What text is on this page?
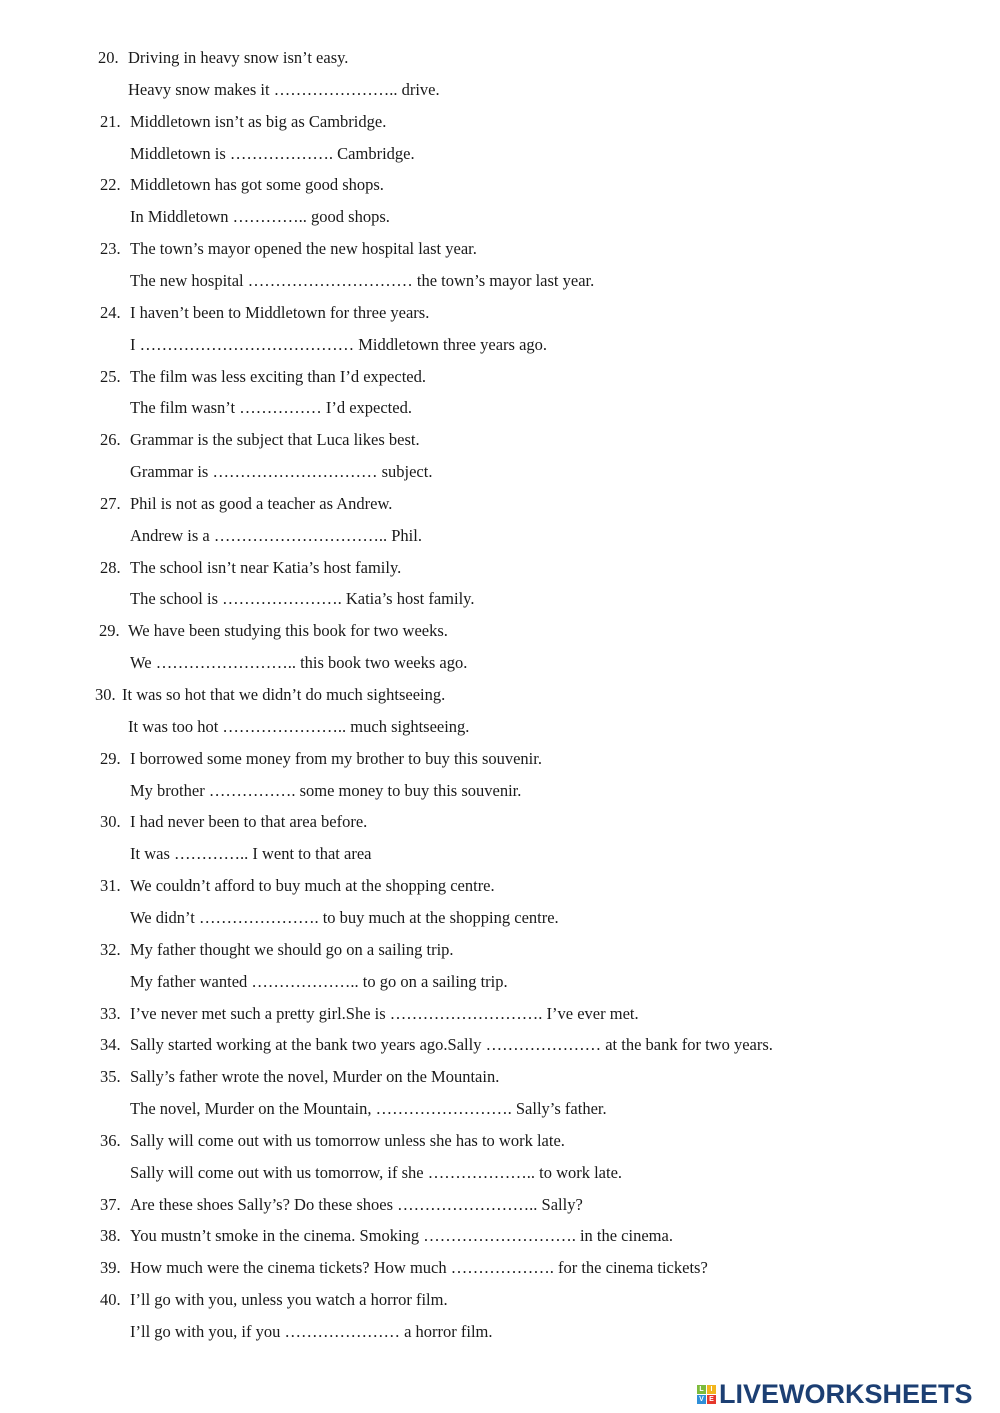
20. Driving in heavy snow isn’t easy.
Heavy snow makes it ………………….. drive.
21. Middletown isn’t as big as Cambridge.
Middletown is ………………. Cambridge.
22. Middletown has got some good shops.
In Middletown ………….. good shops.
23. The town’s mayor opened the new hospital last year.
The new hospital ………………………… the town’s mayor last year.
24. I haven’t been to Middletown for three years.
I ………………………………… Middletown three years ago.
25. The film was less exciting than I’d expected.
The film wasn’t …………… I’d expected.
26. Grammar is the subject that Luca likes best.
Grammar is ………………………… subject.
27. Phil is not as good a teacher as Andrew.
Andrew is a ………………………….. Phil.
28. The school isn’t near Katia’s host family.
The school is …………………. Katia’s host family.
29. We have been studying this book for two weeks.
We …………………….. this book two weeks ago.
30. It was so hot that we didn’t do much sightseeing.
It was too hot ………………….. much sightseeing.
29. I borrowed some money from my brother to buy this souvenir.
My brother ……………. some money to buy this souvenir.
30. I had never been to that area before.
It was ………….. I went to that area
31. We couldn’t afford to buy much at the shopping centre.
We didn’t …………………. to buy much at the shopping centre.
32. My father thought we should go on a sailing trip.
My father wanted ……………….. to go on a sailing trip.
33. I’ve never met such a pretty girl.She is ………………………. I’ve ever met.
34. Sally started working at the bank two years ago.Sally ………………… at the bank for two years.
35. Sally’s father wrote the novel, Murder on the Mountain.
The novel, Murder on the Mountain, ……………………. Sally’s father.
36. Sally will come out with us tomorrow unless she has to work late.
Sally will come out with us tomorrow, if she ……………….. to work late.
37. Are these shoes Sally’s? Do these shoes …………………….. Sally?
38. You mustn’t smoke in the cinema. Smoking ………………………. in the cinema.
39. How much were the cinema tickets? How much ………………. for the cinema tickets?
40. I’ll go with you, unless you watch a horror film.
I’ll go with you, if you ………………… a horror film.
L I
V E LIVEWORKSHEETS
